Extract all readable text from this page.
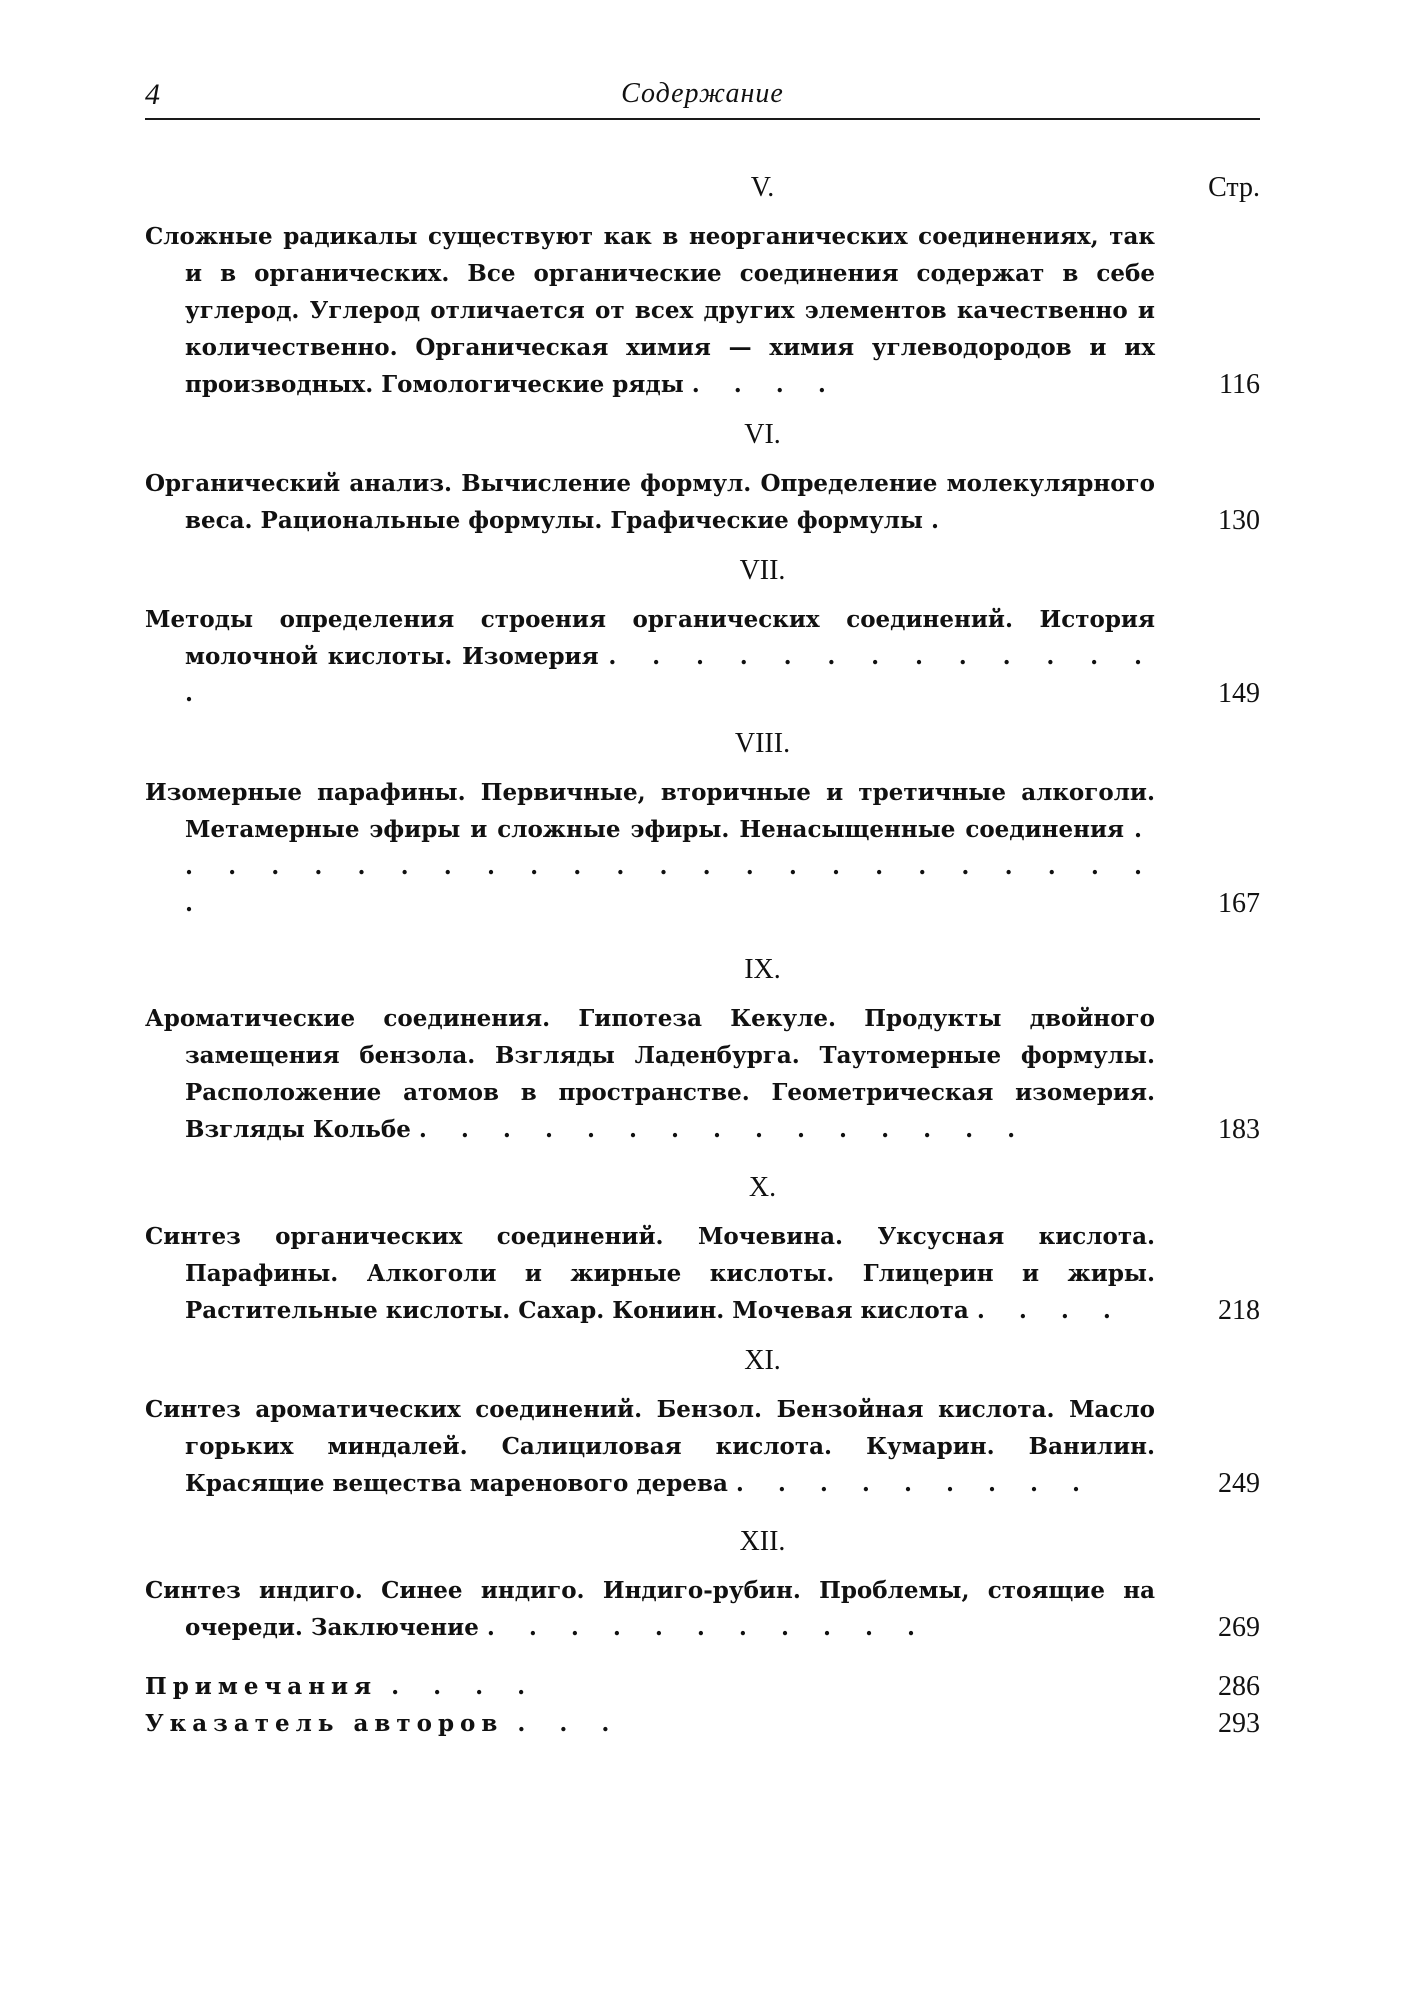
4	Содержание
Стр.
V.
Сложные радикалы существуют как в неорганических соединениях, так и в органических. Все органические соединения содержат в себе углерод. Углерод отличается от всех других элементов качественно и количественно. Органическая химия — химия углеводородов и их производных. Гомологические ряды . . . .	116
VI.
Органический анализ. Вычисление формул. Определение молекулярного веса. Рациональные формулы. Графические формулы .	130
VII.
Методы определения строения органических соединений. История молочной кислоты. Изомерия . . . . . . . . . . . . . .	149
VIII.
Изомерные парафины. Первичные, вторичные и третичные алкоголи. Метамерные эфиры и сложные эфиры. Ненасыщенные соединения . . . . . . . . . . . . . . . . . . . . . . . . .	167
IX.
Ароматические соединения. Гипотеза Кекуле. Продукты двойного замещения бензола. Взгляды Ладенбурга. Таутомерные формулы. Расположение атомов в пространстве. Геометрическая изомерия. Взгляды Кольбе . . . . . . . . . . . . . . .	183
X.
Синтез органических соединений. Мочевина. Уксусная кислота. Парафины. Алкоголи и жирные кислоты. Глицерин и жиры. Растительные кислоты. Сахар. Кониин. Мочевая кислота . . . .	218
XI.
Синтез ароматических соединений. Бензол. Бензойная кислота. Масло горьких миндалей. Салициловая кислота. Кумарин. Ванилин. Красящие вещества маренового дерева . . . . . . . . .	249
XII.
Синтез индиго. Синее индиго. Индиго-рубин. Проблемы, стоящие на очереди. Заключение . . . . . . . . . . .	269
Примечания . . . .	286
Указатель авторов . . .	293
